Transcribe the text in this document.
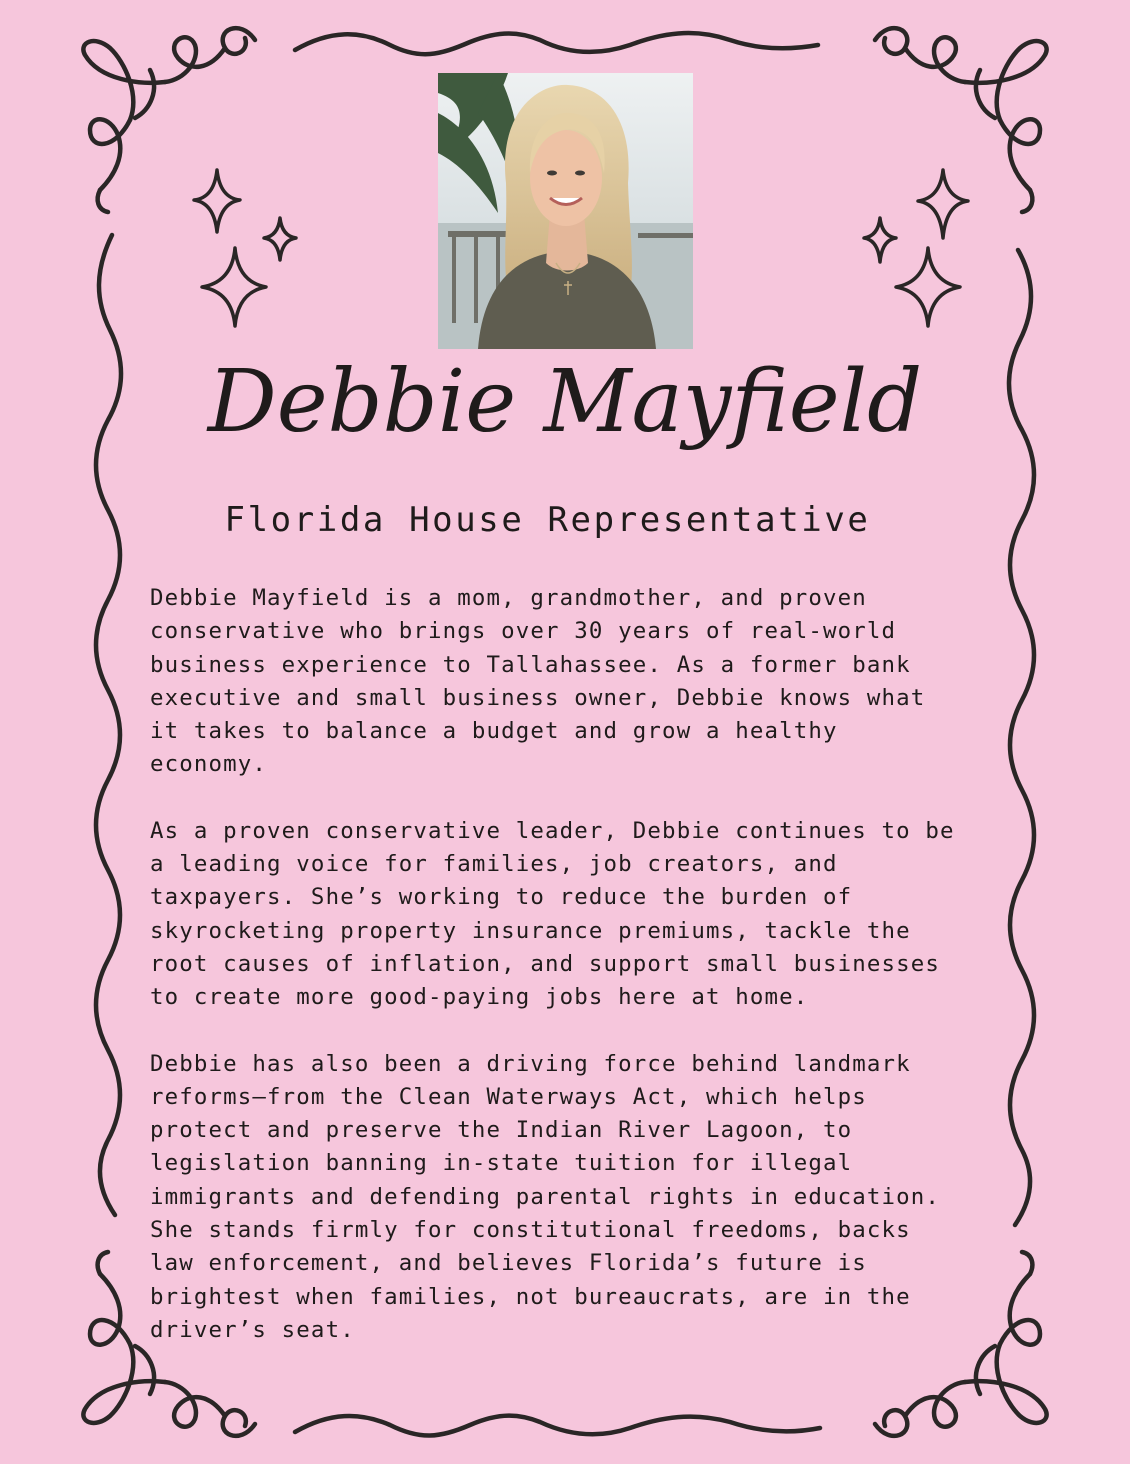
Debbie Mayfield
Florida House Representative

Debbie Mayfield is a mom, grandmother, and proven
conservative who brings over 30 years of real-world
business experience to Tallahassee. As a former bank
executive and small business owner, Debbie knows what
it takes to balance a budget and grow a healthy
economy.

As a proven conservative leader, Debbie continues to be
a leading voice for families, job creators, and
taxpayers. She’s working to reduce the burden of
skyrocketing property insurance premiums, tackle the
root causes of inflation, and support small businesses
to create more good-paying jobs here at home.

Debbie has also been a driving force behind landmark
reforms—from the Clean Waterways Act, which helps
protect and preserve the Indian River Lagoon, to
legislation banning in-state tuition for illegal
immigrants and defending parental rights in education.
She stands firmly for constitutional freedoms, backs
law enforcement, and believes Florida’s future is
brightest when families, not bureaucrats, are in the
driver’s seat.
